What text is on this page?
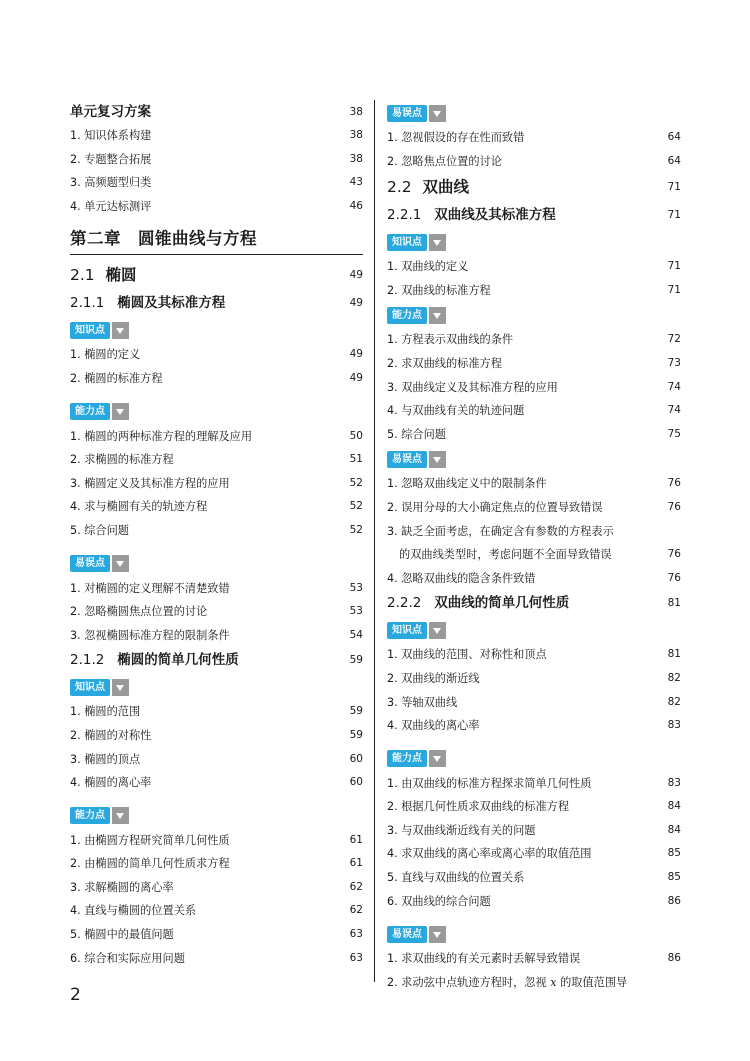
单元复习方案	38
1. 知识体系构建	38
2. 专题整合拓展	38
3. 高频题型归类	43
4. 单元达标测评	46
第二章　圆锥曲线与方程
2.1 椭圆	49
2.1.1 椭圆及其标准方程	49
知识点
1. 椭圆的定义	49
2. 椭圆的标准方程	49
能力点
1. 椭圆的两种标准方程的理解及应用	50
2. 求椭圆的标准方程	51
3. 椭圆定义及其标准方程的应用	52
4. 求与椭圆有关的轨迹方程	52
5. 综合问题	52
易误点
1. 对椭圆的定义理解不清楚致错	53
2. 忽略椭圆焦点位置的讨论	53
3. 忽视椭圆标准方程的限制条件	54
2.1.2 椭圆的简单几何性质	59
知识点
1. 椭圆的范围	59
2. 椭圆的对称性	59
3. 椭圆的顶点	60
4. 椭圆的离心率	60
能力点
1. 由椭圆方程研究简单几何性质	61
2. 由椭圆的简单几何性质求方程	61
3. 求解椭圆的离心率	62
4. 直线与椭圆的位置关系	62
5. 椭圆中的最值问题	63
6. 综合和实际应用问题	63
易误点
1. 忽视假设的存在性而致错	64
2. 忽略焦点位置的讨论	64
2.2 双曲线	71
2.2.1 双曲线及其标准方程	71
知识点
1. 双曲线的定义	71
2. 双曲线的标准方程	71
能力点
1. 方程表示双曲线的条件	72
2. 求双曲线的标准方程	73
3. 双曲线定义及其标准方程的应用	74
4. 与双曲线有关的轨迹问题	74
5. 综合问题	75
易误点
1. 忽略双曲线定义中的限制条件	76
2. 误用分母的大小确定焦点的位置导致错误	76
3. 缺乏全面考虑，在确定含有参数的方程表示
的双曲线类型时，考虑问题不全面导致错误	76
4. 忽略双曲线的隐含条件致错	76
2.2.2 双曲线的简单几何性质	81
知识点
1. 双曲线的范围、对称性和顶点	81
2. 双曲线的渐近线	82
3. 等轴双曲线	82
4. 双曲线的离心率	83
能力点
1. 由双曲线的标准方程探求简单几何性质	83
2. 根据几何性质求双曲线的标准方程	84
3. 与双曲线渐近线有关的问题	84
4. 求双曲线的离心率或离心率的取值范围	85
5. 直线与双曲线的位置关系	85
6. 双曲线的综合问题	86
易误点
1. 求双曲线的有关元素时丢解导致错误	86
2. 求动弦中点轨迹方程时，忽视 x 的取值范围导
2
